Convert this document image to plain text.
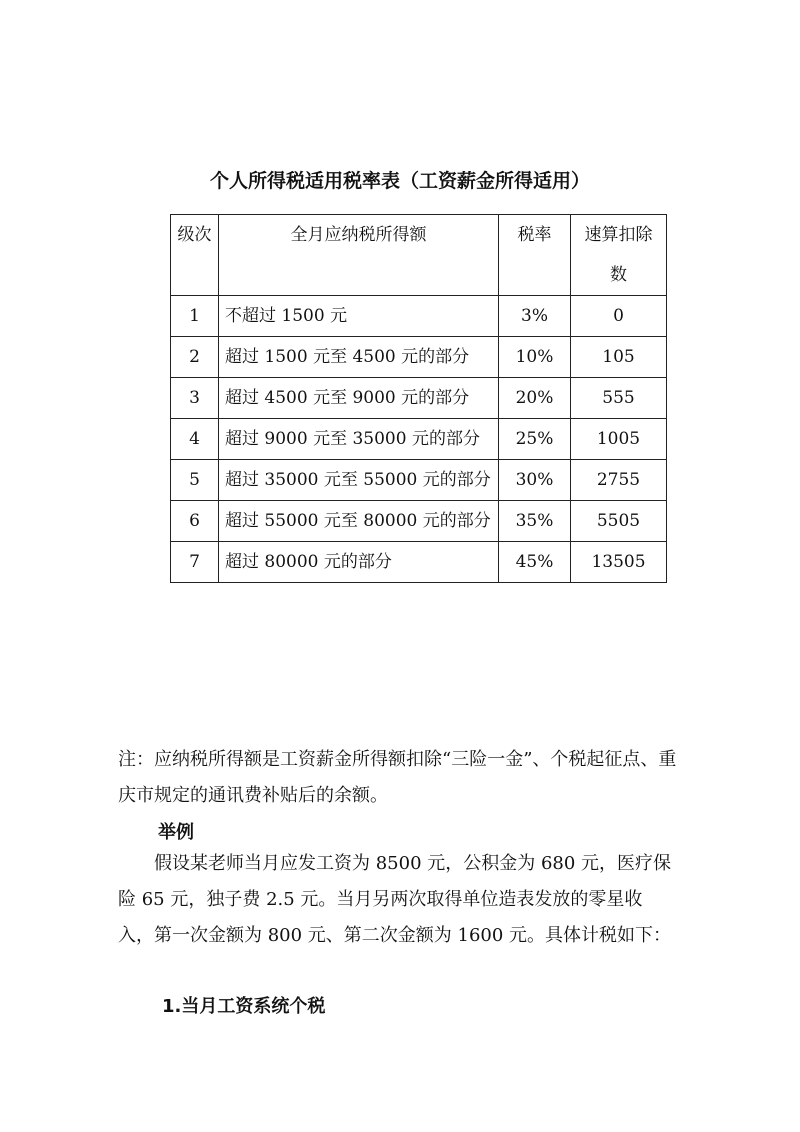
个人所得税适用税率表（工资薪金所得适用）
级次	全月应纳税所得额	税率	速算扣除数
1	不超过 1500 元	3%	0
2	超过 1500 元至 4500 元的部分	10%	105
3	超过 4500 元至 9000 元的部分	20%	555
4	超过 9000 元至 35000 元的部分	25%	1005
5	超过 35000 元至 55000 元的部分	30%	2755
6	超过 55000 元至 80000 元的部分	35%	5505
7	超过 80000 元的部分	45%	13505
注：应纳税所得额是工资薪金所得额扣除“三险一金”、个税起征点、重庆市规定的通讯费补贴后的余额。
举例
假设某老师当月应发工资为 8500 元，公积金为 680 元，医疗保险 65 元，独子费 2.5 元。当月另两次取得单位造表发放的零星收入，第一次金额为 800 元、第二次金额为 1600 元。具体计税如下：
1.当月工资系统个税
